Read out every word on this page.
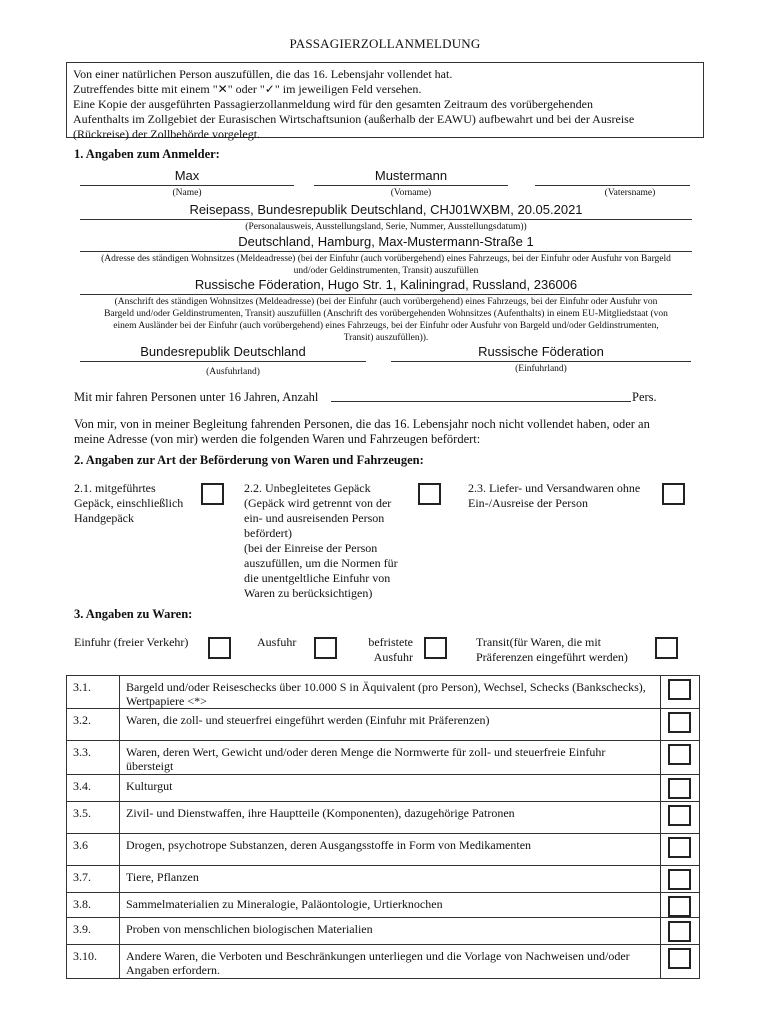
PASSAGIERZOLLANMELDUNG
Von einer natürlichen Person auszufüllen, die das 16. Lebensjahr vollendet hat.
Zutreffendes bitte mit einem "✕" oder "✓" im jeweiligen Feld versehen.
Eine Kopie der ausgeführten Passagierzollanmeldung wird für den gesamten Zeitraum des vorübergehenden
Aufenthalts im Zollgebiet der Eurasischen Wirtschaftsunion (außerhalb der EAWU) aufbewahrt und bei der Ausreise
(Rückreise) der Zollbehörde vorgelegt.
1. Angaben zum Anmelder:
Max
(Name)
Mustermann
(Vorname)	(Vatersname)
Reisepass, Bundesrepublik Deutschland, CHJ01WXBM, 20.05.2021
(Personalausweis, Ausstellungsland, Serie, Nummer, Ausstellungsdatum))
Deutschland, Hamburg, Max-Mustermann-Straße 1
(Adresse des ständigen Wohnsitzes (Meldeadresse) (bei der Einfuhr (auch vorübergehend) eines Fahrzeugs, bei der Einfuhr oder Ausfuhr von Bargeld
und/oder Geldinstrumenten, Transit) auszufüllen
Russische Föderation, Hugo Str. 1, Kaliningrad, Russland, 236006
(Anschrift des ständigen Wohnsitzes (Meldeadresse) (bei der Einfuhr (auch vorübergehend) eines Fahrzeugs, bei der Einfuhr oder Ausfuhr von
Bargeld und/oder Geldinstrumenten, Transit) auszufüllen (Anschrift des vorübergehenden Wohnsitzes (Aufenthalts) in einem EU-Mitgliedstaat (von
einem Ausländer bei der Einfuhr (auch vorübergehend) eines Fahrzeugs, bei der Einfuhr oder Ausfuhr von Bargeld und/oder Geldinstrumenten,
Transit) auszufüllen)).
Bundesrepublik Deutschland
(Ausfuhrland)
Russische Föderation
(Einfuhrland)
Mit mir fahren Personen unter 16 Jahren, Anzahl	Pers.
Von mir, von in meiner Begleitung fahrenden Personen, die das 16. Lebensjahr noch nicht vollendet haben, oder an
meine Adresse (von mir) werden die folgenden Waren und Fahrzeugen befördert:
2. Angaben zur Art der Beförderung von Waren und Fahrzeugen:
2.1. mitgeführtes
Gepäck, einschließlich
Handgepäck
2.2. Unbegleitetes Gepäck
(Gepäck wird getrennt von der
ein- und ausreisenden Person
befördert)
(bei der Einreise der Person
auszufüllen, um die Normen für
die unentgeltliche Einfuhr von
Waren zu berücksichtigen)
2.3. Liefer- und Versandwaren ohne
Ein-/Ausreise der Person
3. Angaben zu Waren:
Einfuhr (freier Verkehr)	Ausfuhr	befristete
Ausfuhr
Transit(für Waren, die mit
Präferenzen eingeführt werden)
3.1.	Bargeld und/oder Reiseschecks über 10.000 S in Äquivalent (pro Person), Wechsel, Schecks (Bankschecks), Wertpapiere <*>	

3.2.	Waren, die zoll- und steuerfrei eingeführt werden (Einfuhr mit Präferenzen)	

3.3.	Waren, deren Wert, Gewicht und/oder deren Menge die Normwerte für zoll- und steuerfreie Einfuhr übersteigt	

3.4.	Kulturgut	

3.5.	Zivil- und Dienstwaffen, ihre Hauptteile (Komponenten), dazugehörige Patronen	

3.6	Drogen, psychotrope Substanzen, deren Ausgangsstoffe in Form von Medikamenten	

3.7.	Tiere, Pflanzen	

3.8.	Sammelmaterialien zu Mineralogie, Paläontologie, Urtierknochen	

3.9.	Proben von menschlichen biologischen Materialien	

3.10.	Andere Waren, die Verboten und Beschränkungen unterliegen und die Vorlage von Nachweisen und/oder Angaben erfordern.	
